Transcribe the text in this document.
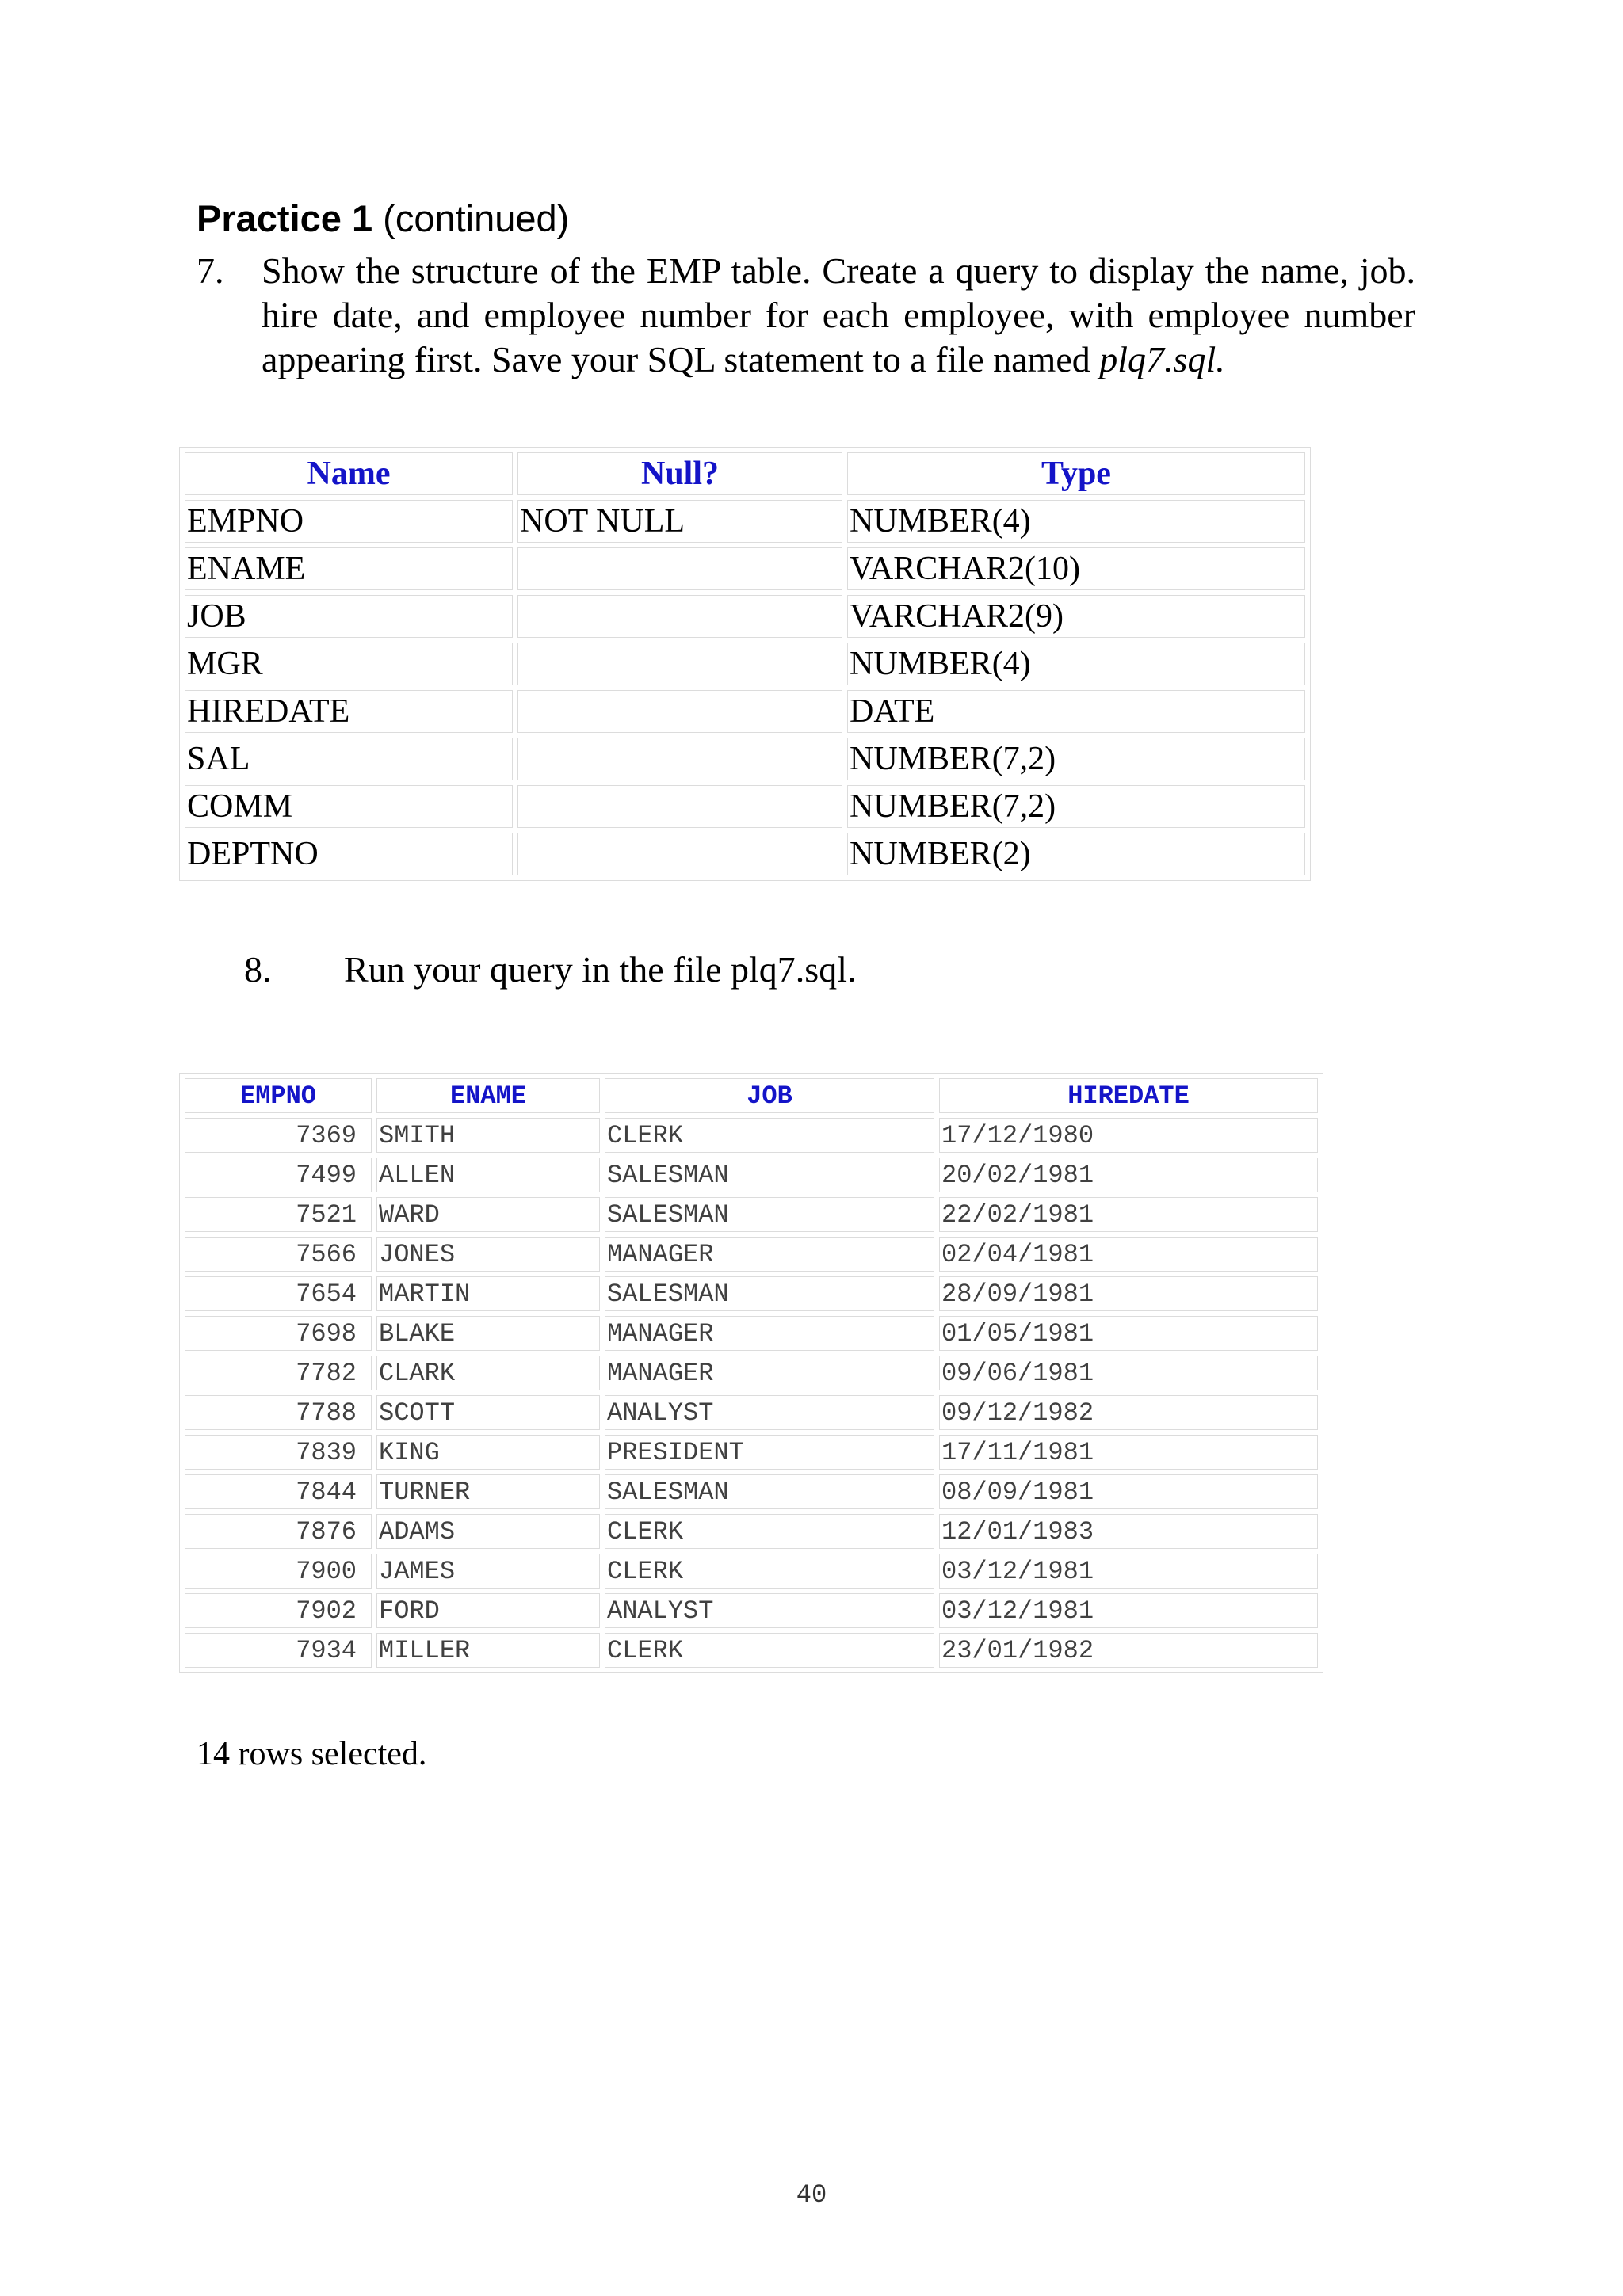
Practice 1 (continued)
7. Show the structure of the EMP table. Create a query to display the name, job. hire date, and employee number for each employee, with employee number appearing first. Save your SQL statement to a file named plq7.sql.
Name	Null?	Type
EMPNO	NOT NULL	NUMBER(4)
ENAME		VARCHAR2(10)
JOB		VARCHAR2(9)
MGR		NUMBER(4)
HIREDATE		DATE
SAL		NUMBER(7,2)
COMM		NUMBER(7,2)
DEPTNO		NUMBER(2)
8. Run your query in the file plq7.sql.
EMPNO	ENAME	JOB	HIREDATE
7369	SMITH	CLERK	17/12/1980
7499	ALLEN	SALESMAN	20/02/1981
7521	WARD	SALESMAN	22/02/1981
7566	JONES	MANAGER	02/04/1981
7654	MARTIN	SALESMAN	28/09/1981
7698	BLAKE	MANAGER	01/05/1981
7782	CLARK	MANAGER	09/06/1981
7788	SCOTT	ANALYST	09/12/1982
7839	KING	PRESIDENT	17/11/1981
7844	TURNER	SALESMAN	08/09/1981
7876	ADAMS	CLERK	12/01/1983
7900	JAMES	CLERK	03/12/1981
7902	FORD	ANALYST	03/12/1981
7934	MILLER	CLERK	23/01/1982
14 rows selected.
40
